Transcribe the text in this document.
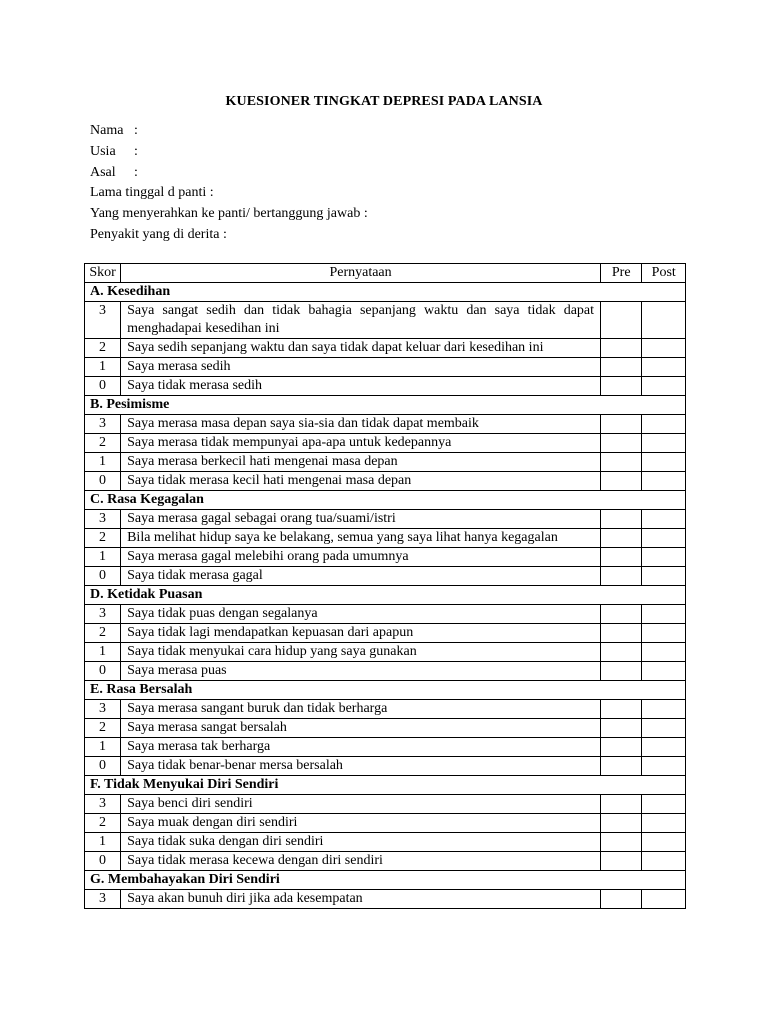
KUESIONER TINGKAT DEPRESI PADA LANSIA
Nama :
Usia :
Asal :
Lama tinggal d panti :
Yang menyerahkan ke panti/ bertanggung jawab :
Penyakit yang di derita :
Skor	Pernyataan	Pre	Post
A. Kesedihan			
3	Saya sangat sedih dan tidak bahagia sepanjang waktu dan saya tidak dapat menghadapai kesedihan ini		
2	Saya sedih sepanjang waktu dan saya tidak dapat keluar dari kesedihan ini		
1	Saya merasa sedih		
0	Saya tidak merasa sedih		
B. Pesimisme			
3	Saya merasa masa depan saya sia-sia dan tidak dapat membaik		
2	Saya merasa tidak mempunyai apa-apa untuk kedepannya		
1	Saya merasa berkecil hati mengenai masa depan		
0	Saya tidak merasa kecil hati mengenai masa depan		
C. Rasa Kegagalan			
3	Saya merasa gagal sebagai orang tua/suami/istri		
2	Bila melihat hidup saya ke belakang, semua yang saya lihat hanya kegagalan		
1	Saya merasa gagal melebihi orang pada umumnya		
0	Saya tidak merasa gagal		
D. Ketidak Puasan			
3	Saya tidak puas dengan segalanya		
2	Saya tidak lagi mendapatkan kepuasan dari apapun		
1	Saya tidak menyukai cara hidup yang saya gunakan		
0	Saya merasa puas		
E. Rasa Bersalah			
3	Saya merasa sangant buruk dan tidak berharga		
2	Saya merasa sangat bersalah		
1	Saya merasa tak berharga		
0	Saya tidak benar-benar mersa bersalah		
F. Tidak Menyukai Diri Sendiri			
3	Saya benci diri sendiri		
2	Saya muak dengan diri sendiri		
1	Saya tidak suka dengan diri sendiri		
0	Saya tidak merasa kecewa dengan diri sendiri		
G. Membahayakan Diri Sendiri			
3	Saya akan bunuh diri jika ada kesempatan		
